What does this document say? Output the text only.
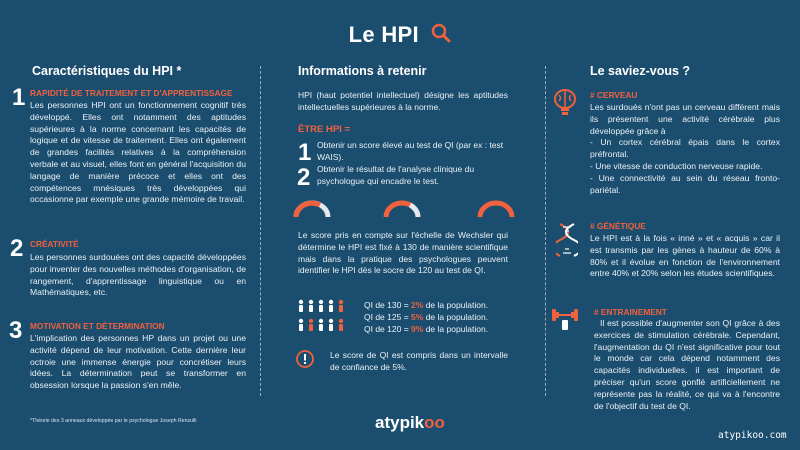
Le HPI
Caractéristiques du HPI *
1 RAPIDITÉ DE TRAITEMENT ET D'APPRENTISSAGE
Les personnes HPI ont un fonctionnement cognitif très développé. Elles ont notamment des aptitudes supérieures à la norme concernant les capacités de logique et de vitesse de traitement. Elles ont également de grandes facilités relatives à la compréhension verbale et au visuel, elles font en général l'acquisition du langage de manière précoce et elles ont des compétences mnésiques très développées qui occasionne par exemple une grande mémoire de travail.
2 CRÉATIVITÉ
Les personnes surdouées ont des capacité développées pour inventer des nouvelles méthodes d'organisation, de rangement, d'apprentissage linguistique ou en Mathématiques, etc.
3 MOTIVATION ET DÉTERMINATION
L'implication des personnes HP dans un projet ou une activité dépend de leur motivation. Cette dernière leur octroie une immense énergie pour concrétiser leurs idées. La détermination peut se transformer en obsession lorsque la passion s'en mêle.
*Théorie des 3 anneaux développée par le psychologue Joseph Renzulli
Informations à retenir
HPI (haut potentiel intellectuel) désigne les aptitudes intellectuelles supérieures à la norme.
ÊTRE HPI =
1 Obtenir un score élevé au test de QI (par ex : test WAIS).
2 Obtenir le résultat de l'analyse clinique du psychologue qui encadre le test.
Le score pris en compte sur l'échelle de Wechsler qui détermine le HPI est fixé à 130 de manière scientifique mais dans la pratique des psychologues peuvent identifier le HPI dès le socre de 120 au test de QI.
QI de 130 = 2% de la population.
QI de 125 = 5% de la population.
QI de 120 = 9% de la population.
Le score de QI est compris dans un intervalle de confiance de 5%.
Le saviez-vous ?
# CERVEAU
Les surdoués n'ont pas un cerveau différent mais ils présentent une activité cérébrale plus développée grâce à
- Un cortex cérébral épais dans le cortex préfrontal.
- Une vitesse de conduction nerveuse rapide.
- Une connectivité au sein du réseau fronto-pariétal.
# GÉNÉTIQUE
Le HPI est à la fois « inné » et « acquis » car il est transmis par les gènes à hauteur de 60% à 80% et il évolue en fonction de l'environnement entre 40% et 20% selon les études scientifiques.
# ENTRAINEMENT
Il est possible d'augmenter son QI grâce à des exercices de stimulation cérébrale. Cependant, l'augmentation du QI n'est significative pour tout le monde car cela dépend notamment des capacités individuelles. il est important de préciser qu'un score gonflé artificiellement ne représente pas la réalité, ce qui va à l'encontre de l'objectif du test de QI.
atypikoo
atypikoo.com
